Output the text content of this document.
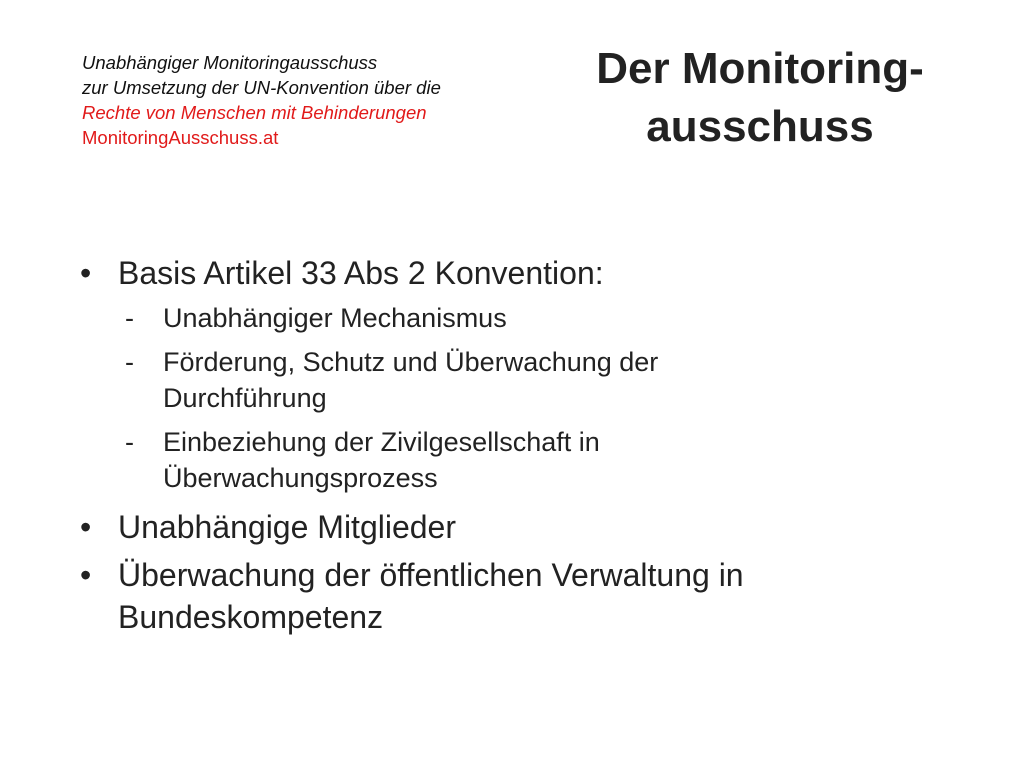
Unabhängiger Monitoringausschuss
zur Umsetzung der UN-Konvention über die
Rechte von Menschen mit Behinderungen
MonitoringAusschuss.at
Der Monitoring-
ausschuss
• Basis Artikel 33 Abs 2 Konvention:
- Unabhängiger Mechanismus
- Förderung, Schutz und Überwachung der
Durchführung
- Einbeziehung der Zivilgesellschaft in
Überwachungsprozess
• Unabhängige Mitglieder
• Überwachung der öffentlichen Verwaltung in
Bundeskompetenz
